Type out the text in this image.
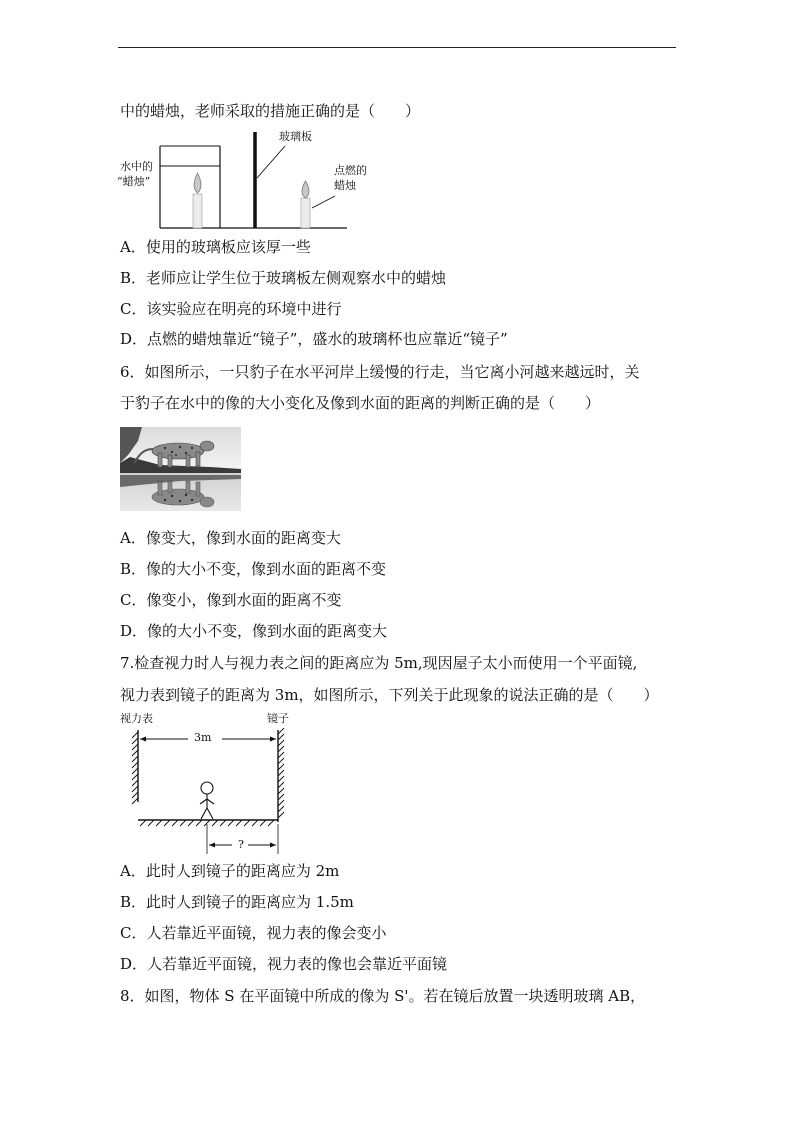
中的蜡烛，老师采取的措施正确的是（　　）
水中的
“蜡烛”
玻璃板
点燃的
蜡烛
A．使用的玻璃板应该厚一些
B．老师应让学生位于玻璃板左侧观察水中的蜡烛
C．该实验应在明亮的环境中进行
D．点燃的蜡烛靠近“镜子”，盛水的玻璃杯也应靠近“镜子”
6．如图所示，一只豹子在水平河岸上缓慢的行走，当它离小河越来越远时，关
于豹子在水中的像的大小变化及像到水面的距离的判断正确的是（　　）
A．像变大，像到水面的距离变大
B．像的大小不变，像到水面的距离不变
C．像变小，像到水面的距离不变
D．像的大小不变，像到水面的距离变大
7.检查视力时人与视力表之间的距离应为 5m,现因屋子太小而使用一个平面镜,
视力表到镜子的距离为 3m，如图所示，下列关于此现象的说法正确的是（　　）
视力表	镜子
3m
?
A．此时人到镜子的距离应为 2m
B．此时人到镜子的距离应为 1.5m
C．人若靠近平面镜，视力表的像会变小
D．人若靠近平面镜，视力表的像也会靠近平面镜
8．如图，物体 S 在平面镜中所成的像为 S'。若在镜后放置一块透明玻璃 AB，
